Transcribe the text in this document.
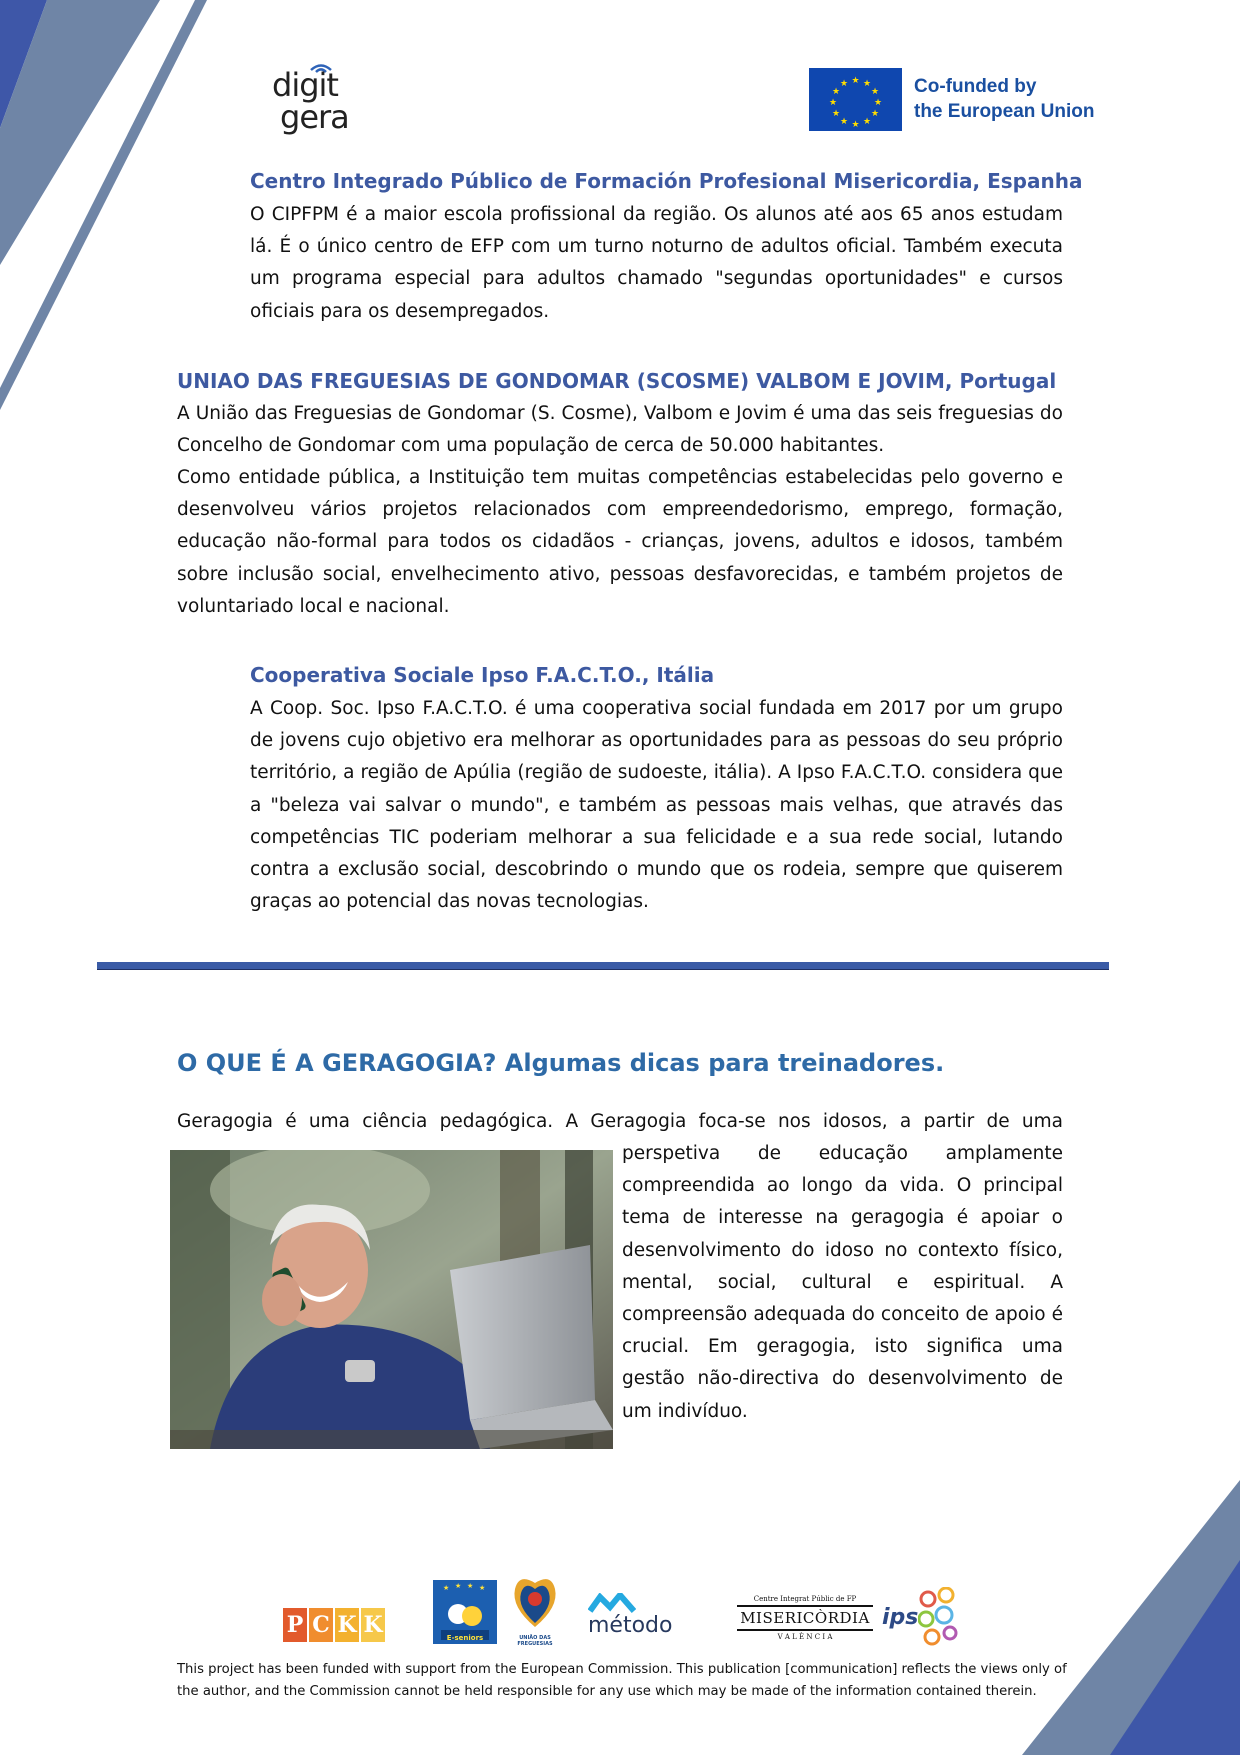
digit
gera
★ ★
★
★
★
★
★
★
★
★
★
★	Co-funded by
the European Union
Centro Integrado Público de Formación Profesional Misericordia, Espanha

O CIPFPM é a maior escola profissional da região. Os alunos até aos 65 anos estudam lá. É o único centro de EFP com um turno noturno de adultos oficial. Também executa um programa especial para adultos chamado "segundas oportunidades" e cursos oficiais para os desempregados.

UNIAO DAS FREGUESIAS DE GONDOMAR (SCOSME) VALBOM E JOVIM, Portugal

A União das Freguesias de Gondomar (S. Cosme), Valbom e Jovim é uma das seis freguesias do Concelho de Gondomar com uma população de cerca de 50.000 habitantes.

Como entidade pública, a Instituição tem muitas competências estabelecidas pelo governo e desenvolveu vários projetos relacionados com empreendedorismo, emprego, formação, educação não-formal para todos os cidadãos - crianças, jovens, adultos e idosos, também sobre inclusão social, envelhecimento ativo, pessoas desfavorecidas, e também projetos de voluntariado local e nacional.

Cooperativa Sociale Ipso F.A.C.T.O., Itália

A Coop. Soc. Ipso F.A.C.T.O. é uma cooperativa social fundada em 2017 por um grupo de jovens cujo objetivo era melhorar as oportunidades para as pessoas do seu próprio território, a região de Apúlia (região de sudoeste, itália). A Ipso F.A.C.T.O. considera que a "beleza vai salvar o mundo", e também as pessoas mais velhas, que através das competências TIC poderiam melhorar a sua felicidade e a sua rede social, lutando contra a exclusão social, descobrindo o mundo que os rodeia, sempre que quiserem graças ao potencial das novas tecnologias.

O QUE É A GERAGOGIA? Algumas dicas para treinadores.

Geragogia é uma ciência pedagógica. A Geragogia foca-se nos idosos, a partir de uma

perspetiva de educação amplamente compreendida ao longo da vida. O principal tema de interesse na geragogia é apoiar o desenvolvimento do idoso no contexto físico, mental, social, cultural e espiritual. A compreensão adequada do conceito de apoio é crucial. Em geragogia, isto significa uma gestão não-directiva do desenvolvimento de um indivíduo.

P C K K
★ ★ ★ ★
E-seniors	UNIÃO DAS FREGUESIAS
método
Centre Integrat Públic de FP
MISERICÒRDIA
V A L È N C I A
ips

This project has been funded with support from the European Commission. This publication [communication] reflects the views only of the author, and the Commission cannot be held responsible for any use which may be made of the information contained therein.
